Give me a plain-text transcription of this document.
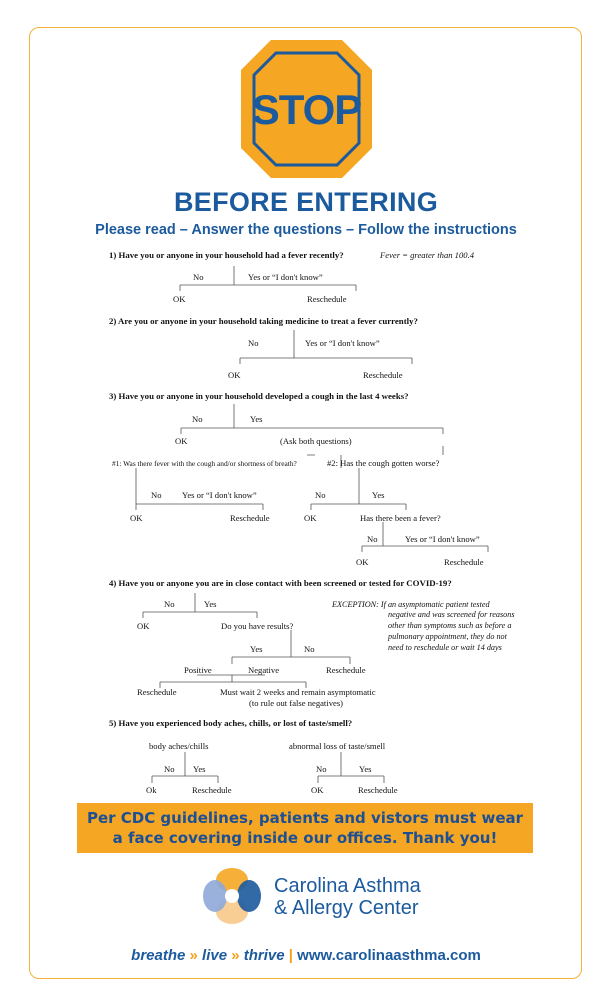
STOP
BEFORE ENTERING
Please read – Answer the questions – Follow the instructions
1) Have you or anyone in your household had a fever recently?	Fever = greater than 100.4
No	Yes or “I don't know”
OK	Reschedule
2) Are you or anyone in your household taking medicine to treat a fever currently?
No	Yes or “I don't know”
OK	Reschedule
3) Have you or anyone in your household developed a cough in the last 4 weeks?
No	Yes
OK	(Ask both questions)
#1: Was there fever with the cough and/or shortness of breath?	#2: Has the cough gotten worse?
No Yes or “I don't know”
OK	Reschedule
No	Yes
OK	Has there been a fever?
No	Yes or “I don't know”
OK	Reschedule
4) Have you or anyone you are in close contact with been screened or tested for COVID-19?
No	Yes
OK	Do you have results?
EXCEPTION: If an asymptomatic patient tested
negative and was screened for reasons
other than symptoms such as before a
pulmonary appointment, they do not
need to reschedule or wait 14 days
Yes	No
Positive	Negative	Reschedule
Reschedule	Must wait 2 weeks and remain asymptomatic
(to rule out false negatives)
5) Have you experienced body aches, chills, or lost of taste/smell?
body aches/chills	abnormal loss of taste/smell
No Yes
Ok	Reschedule
No	Yes
OK	Reschedule
Per CDC guidelines, patients and vistors must wear
a face covering inside our offices. Thank you!
Carolina Asthma
& Allergy Center
breathe » live » thrive | www.carolinaasthma.com
